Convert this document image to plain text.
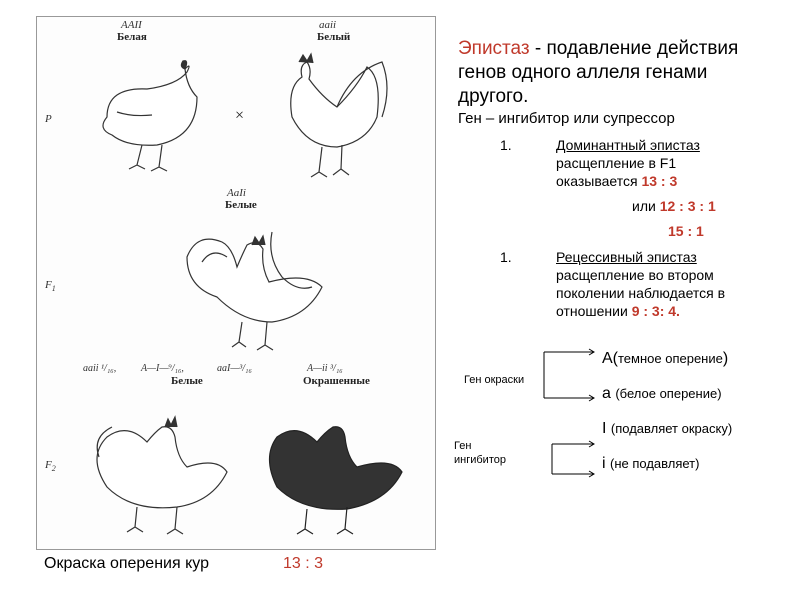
AAII
Белая
aaii
Белый
P	×
AaIi
Белые
$F_1$
aaii ¹/₁₆, A—I—⁹/₁₆,	aaI—³/₁₆	A—ii ³/₁₆
Белые	Окрашенные
$F_2$
Окраска оперения кур	13 : 3
Эпистаз - подавление действия
генов одного аллеля генами
другого.
Ген – ингибитор или супрессор
1.	Доминантный эпистаз
расщепление в F1
оказывается 13 : 3
или 12 : 3 : 1
15 : 1
1.	Рецессивный эпистаз
расщепление во втором
поколении наблюдается в
отношении 9 : 3: 4.
Ген окраски
Ген
ингибитор
А(темное оперение)
а (белое оперение)
I (подавляет окраску)
i (не подавляет)
